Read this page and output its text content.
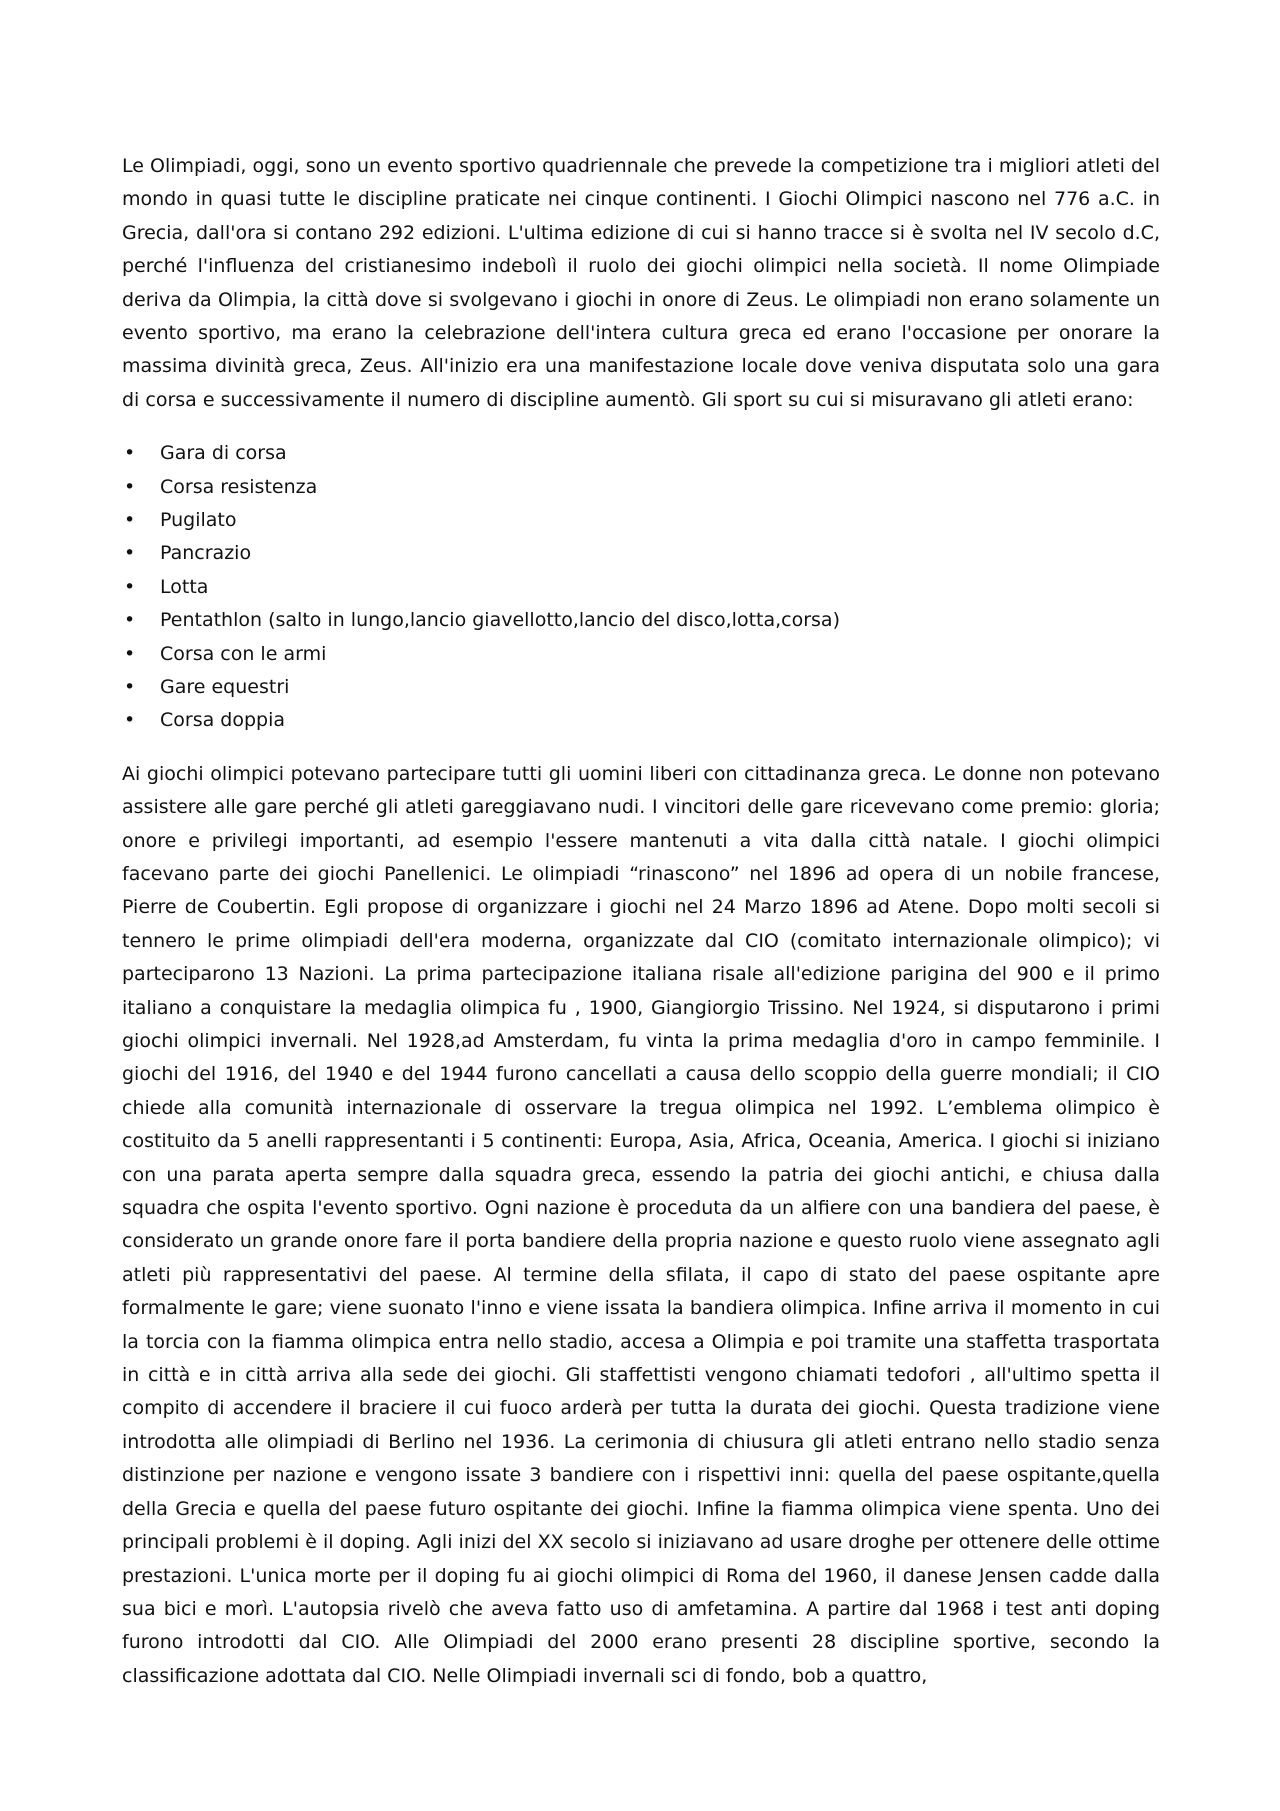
Le Olimpiadi, oggi, sono un evento sportivo quadriennale che prevede la competizione tra i migliori atleti del mondo in quasi tutte le discipline praticate nei cinque continenti. I Giochi Olimpici nascono nel 776 a.C. in Grecia, dall'ora si contano 292 edizioni. L'ultima edizione di cui si hanno tracce si è svolta nel IV secolo d.C, perché l'influenza del cristianesimo indebolì il ruolo dei giochi olimpici nella società. Il nome Olimpiade deriva da Olimpia, la città dove si svolgevano i giochi in onore di Zeus. Le olimpiadi non erano solamente un evento sportivo, ma erano la celebrazione dell'intera cultura greca ed erano l'occasione per onorare la massima divinità greca, Zeus. All'inizio era una manifestazione locale dove veniva disputata solo una gara di corsa e successivamente il numero di discipline aumentò. Gli sport su cui si misuravano gli atleti erano:

• Gara di corsa
• Corsa resistenza
• Pugilato
• Pancrazio
• Lotta
• Pentathlon (salto in lungo,lancio giavellotto,lancio del disco,lotta,corsa)
• Corsa con le armi
• Gare equestri
• Corsa doppia

Ai giochi olimpici potevano partecipare tutti gli uomini liberi con cittadinanza greca. Le donne non potevano assistere alle gare perché gli atleti gareggiavano nudi. I vincitori delle gare ricevevano come premio: gloria; onore e privilegi importanti, ad esempio l'essere mantenuti a vita dalla città natale. I giochi olimpici facevano parte dei giochi Panellenici. Le olimpiadi “rinascono” nel 1896 ad opera di un nobile francese, Pierre de Coubertin. Egli propose di organizzare i giochi nel 24 Marzo 1896 ad Atene. Dopo molti secoli si tennero le prime olimpiadi dell'era moderna, organizzate dal CIO (comitato internazionale olimpico); vi parteciparono 13 Nazioni. La prima partecipazione italiana risale all'edizione parigina del 900 e il primo italiano a conquistare la medaglia olimpica fu , 1900, Giangiorgio Trissino. Nel 1924, si disputarono i primi giochi olimpici invernali. Nel 1928,ad Amsterdam, fu vinta la prima medaglia d'oro in campo femminile. I giochi del 1916, del 1940 e del 1944 furono cancellati a causa dello scoppio della guerre mondiali; il CIO chiede alla comunità internazionale di osservare la tregua olimpica nel 1992. L’emblema olimpico è costituito da 5 anelli rappresentanti i 5 continenti: Europa, Asia, Africa, Oceania, America. I giochi si iniziano con una parata aperta sempre dalla squadra greca, essendo la patria dei giochi antichi, e chiusa dalla squadra che ospita l'evento sportivo. Ogni nazione è proceduta da un alfiere con una bandiera del paese, è considerato un grande onore fare il porta bandiere della propria nazione e questo ruolo viene assegnato agli atleti più rappresentativi del paese. Al termine della sfilata, il capo di stato del paese ospitante apre formalmente le gare; viene suonato l'inno e viene issata la bandiera olimpica. Infine arriva il momento in cui la torcia con la fiamma olimpica entra nello stadio, accesa a Olimpia e poi tramite una staffetta trasportata in città e in città arriva alla sede dei giochi. Gli staffettisti vengono chiamati tedofori , all'ultimo spetta il compito di accendere il braciere il cui fuoco arderà per tutta la durata dei giochi. Questa tradizione viene introdotta alle olimpiadi di Berlino nel 1936. La cerimonia di chiusura gli atleti entrano nello stadio senza distinzione per nazione e vengono issate 3 bandiere con i rispettivi inni: quella del paese ospitante,quella della Grecia e quella del paese futuro ospitante dei giochi. Infine la fiamma olimpica viene spenta. Uno dei principali problemi è il doping. Agli inizi del XX secolo si iniziavano ad usare droghe per ottenere delle ottime prestazioni. L'unica morte per il doping fu ai giochi olimpici di Roma del 1960, il danese Jensen cadde dalla sua bici e morì. L'autopsia rivelò che aveva fatto uso di amfetamina. A partire dal 1968 i test anti doping furono introdotti dal CIO. Alle Olimpiadi del 2000 erano presenti 28 discipline sportive, secondo la classificazione adottata dal CIO. Nelle Olimpiadi invernali sci di fondo, bob a quattro,
